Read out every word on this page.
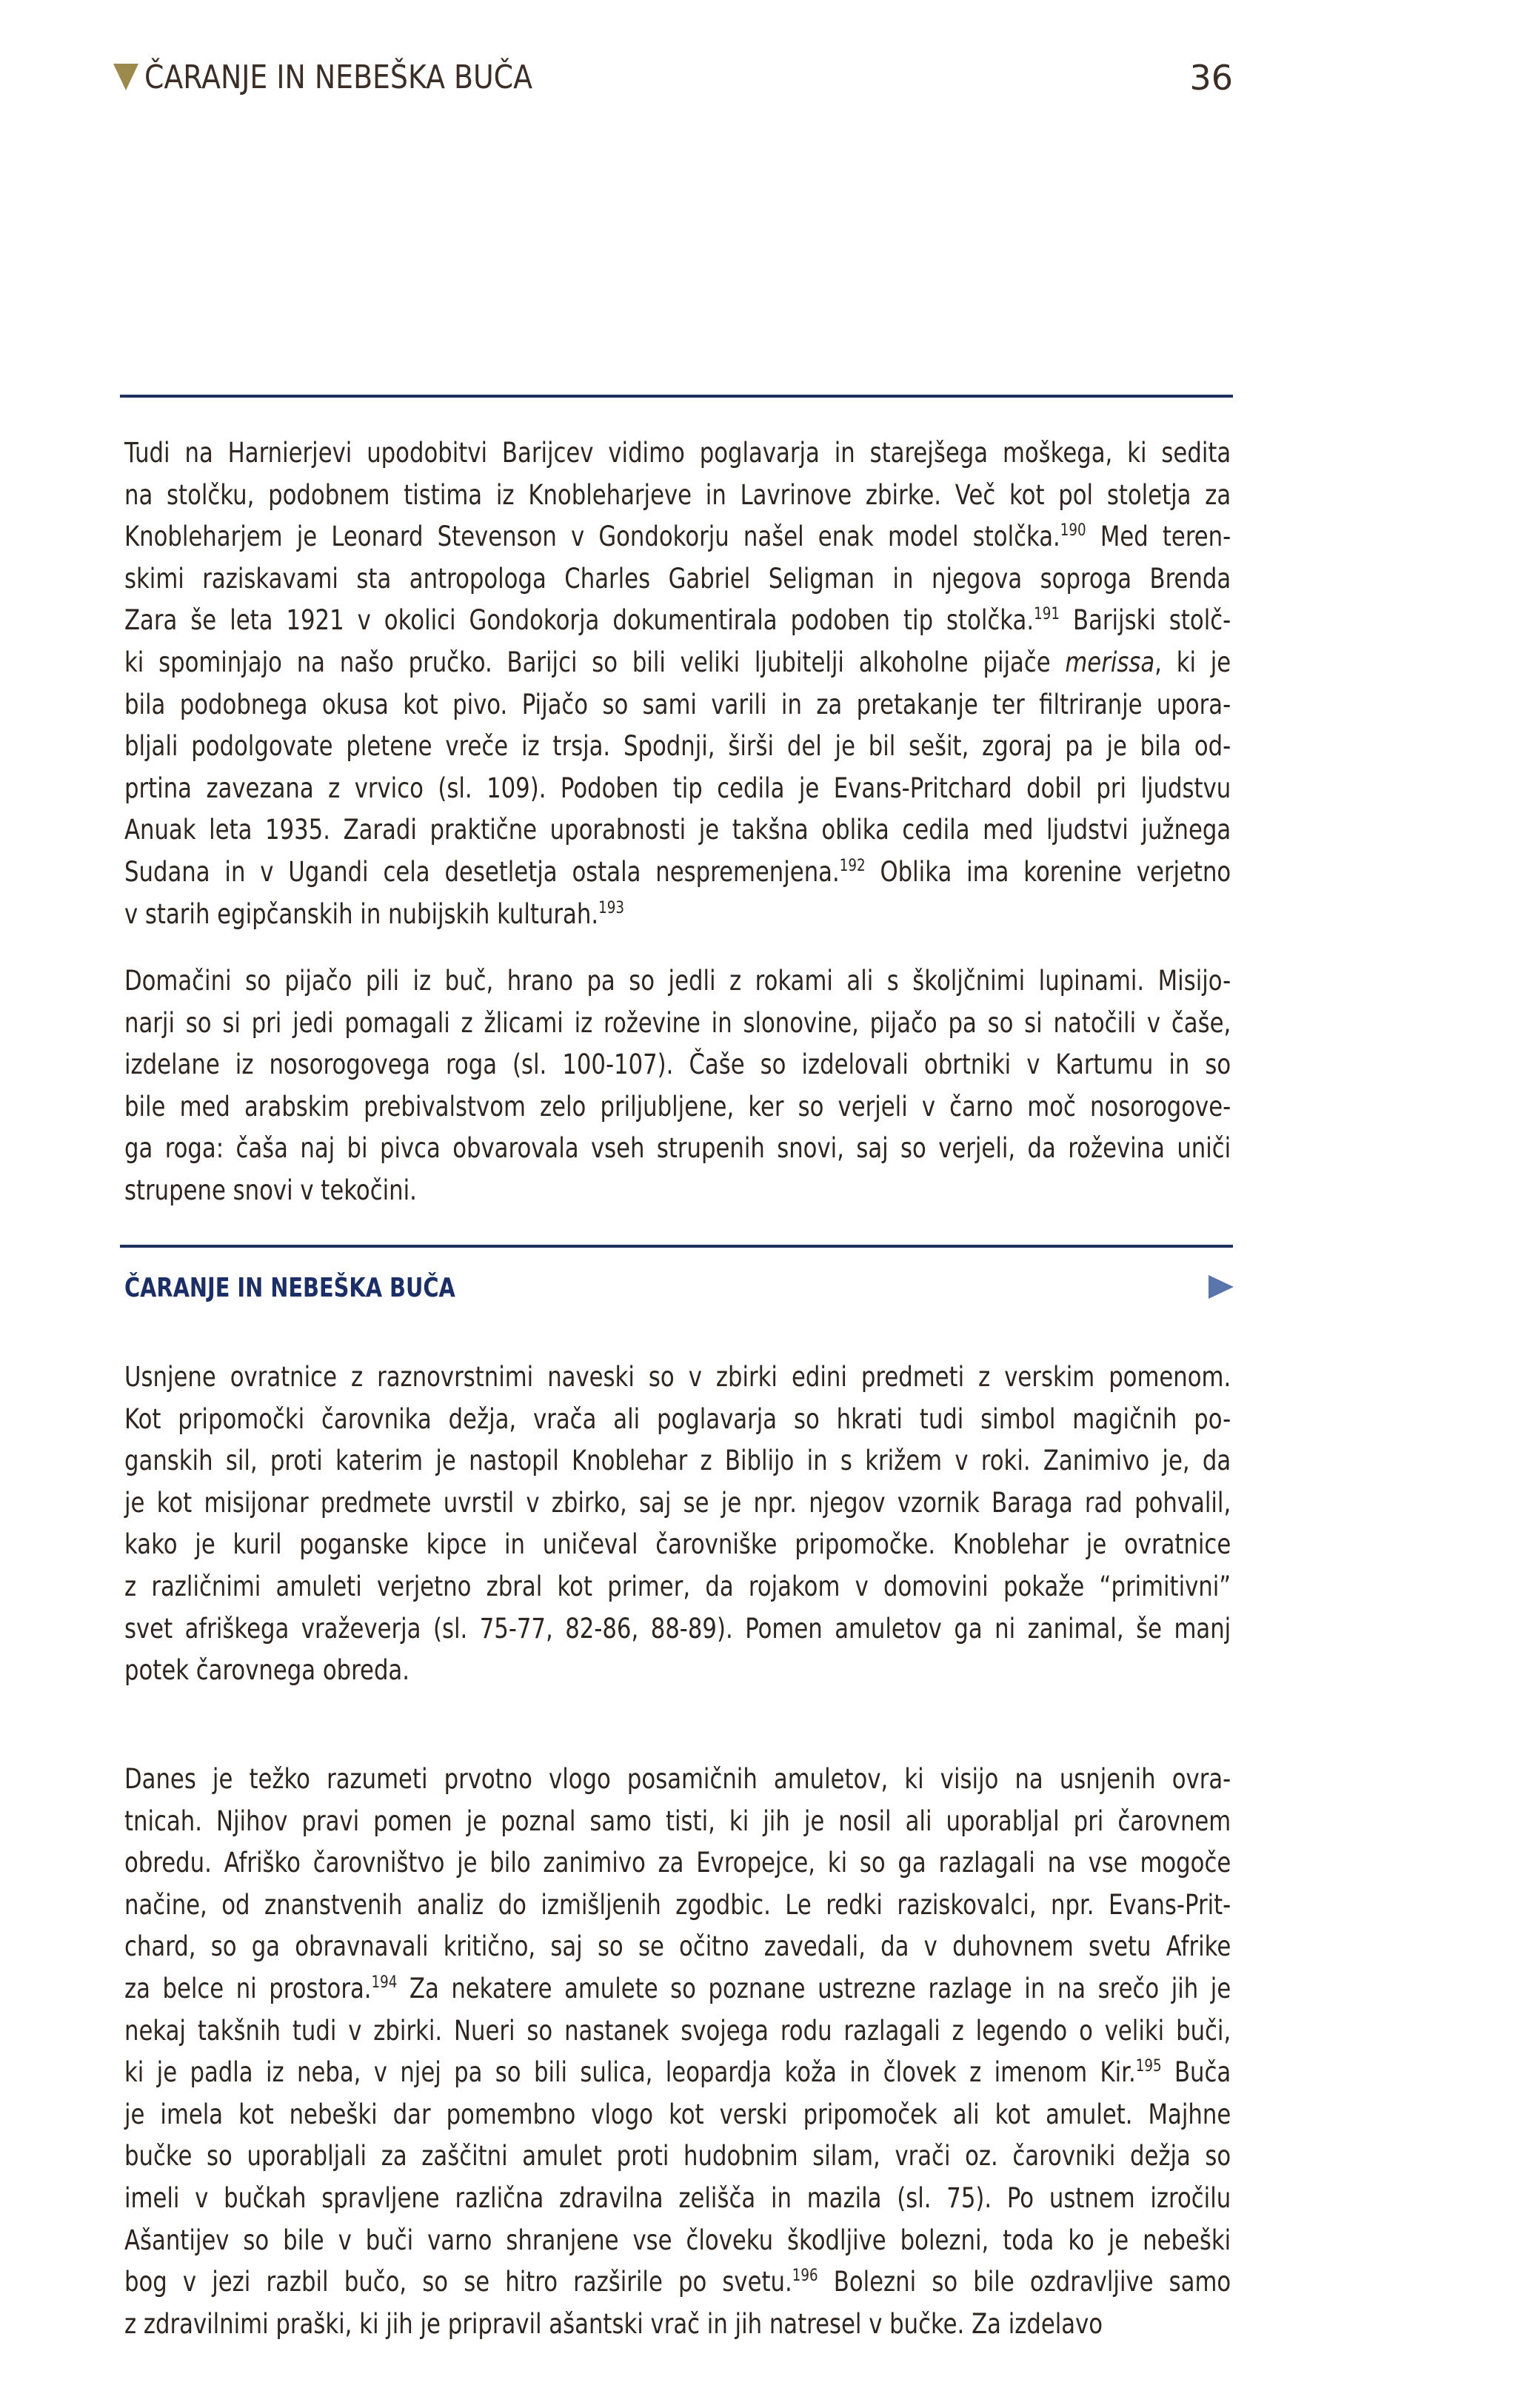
ČARANJE IN NEBEŠKA BUČA	36
Tudi na Harnierjevi upodobitvi Barijcev vidimo poglavarja in starejšega moškega, ki sedita
na stolčku, podobnem tistima iz Knobleharjeve in Lavrinove zbirke. Več kot pol stoletja za
Knobleharjem je Leonard Stevenson v Gondokorju našel enak model stolčka.$^{190}$ Med teren-
skimi raziskavami sta antropologa Charles Gabriel Seligman in njegova soproga Brenda
Zara še leta 1921 v okolici Gondokorja dokumentirala podoben tip stolčka.$^{191}$ Barijski stolč-
ki spominjajo na našo pručko. Barijci so bili veliki ljubitelji alkoholne pijače merissa, ki je
bila podobnega okusa kot pivo. Pijačo so sami varili in za pretakanje ter filtriranje upora-
bljali podolgovate pletene vreče iz trsja. Spodnji, širši del je bil sešit, zgoraj pa je bila od-
prtina zavezana z vrvico (sl. 109). Podoben tip cedila je Evans-Pritchard dobil pri ljudstvu
Anuak leta 1935. Zaradi praktične uporabnosti je takšna oblika cedila med ljudstvi južnega
Sudana in v Ugandi cela desetletja ostala nespremenjena.$^{192}$ Oblika ima korenine verjetno
v starih egipčanskih in nubijskih kulturah.$^{193}$
Domačini so pijačo pili iz buč, hrano pa so jedli z rokami ali s školjčnimi lupinami. Misijo-
narji so si pri jedi pomagali z žlicami iz roževine in slonovine, pijačo pa so si natočili v čaše,
izdelane iz nosorogovega roga (sl. 100-107). Čaše so izdelovali obrtniki v Kartumu in so
bile med arabskim prebivalstvom zelo priljubljene, ker so verjeli v čarno moč nosorogove-
ga roga: čaša naj bi pivca obvarovala vseh strupenih snovi, saj so verjeli, da roževina uniči
strupene snovi v tekočini.
ČARANJE IN NEBEŠKA BUČA
Usnjene ovratnice z raznovrstnimi naveski so v zbirki edini predmeti z verskim pomenom.
Kot pripomočki čarovnika dežja, vrača ali poglavarja so hkrati tudi simbol magičnih po-
ganskih sil, proti katerim je nastopil Knoblehar z Biblijo in s križem v roki. Zanimivo je, da
je kot misijonar predmete uvrstil v zbirko, saj se je npr. njegov vzornik Baraga rad pohvalil,
kako je kuril poganske kipce in uničeval čarovniške pripomočke. Knoblehar je ovratnice
z različnimi amuleti verjetno zbral kot primer, da rojakom v domovini pokaže “primitivni”
svet afriškega vraževerja (sl. 75-77, 82-86, 88-89). Pomen amuletov ga ni zanimal, še manj
potek čarovnega obreda.
Danes je težko razumeti prvotno vlogo posamičnih amuletov, ki visijo na usnjenih ovra-
tnicah. Njihov pravi pomen je poznal samo tisti, ki jih je nosil ali uporabljal pri čarovnem
obredu. Afriško čarovništvo je bilo zanimivo za Evropejce, ki so ga razlagali na vse mogoče
načine, od znanstvenih analiz do izmišljenih zgodbic. Le redki raziskovalci, npr. Evans-Prit-
chard, so ga obravnavali kritično, saj so se očitno zavedali, da v duhovnem svetu Afrike
za belce ni prostora.$^{194}$ Za nekatere amulete so poznane ustrezne razlage in na srečo jih je
nekaj takšnih tudi v zbirki. Nueri so nastanek svojega rodu razlagali z legendo o veliki buči,
ki je padla iz neba, v njej pa so bili sulica, leopardja koža in človek z imenom Kir.$^{195}$ Buča
je imela kot nebeški dar pomembno vlogo kot verski pripomoček ali kot amulet. Majhne
bučke so uporabljali za zaščitni amulet proti hudobnim silam, vrači oz. čarovniki dežja so
imeli v bučkah spravljene različna zdravilna zelišča in mazila (sl. 75). Po ustnem izročilu
Ašantijev so bile v buči varno shranjene vse človeku škodljive bolezni, toda ko je nebeški
bog v jezi razbil bučo, so se hitro razširile po svetu.$^{196}$ Bolezni so bile ozdravljive samo
z zdravilnimi praški, ki jih je pripravil ašantski vrač in jih natresel v bučke. Za izdelavo
